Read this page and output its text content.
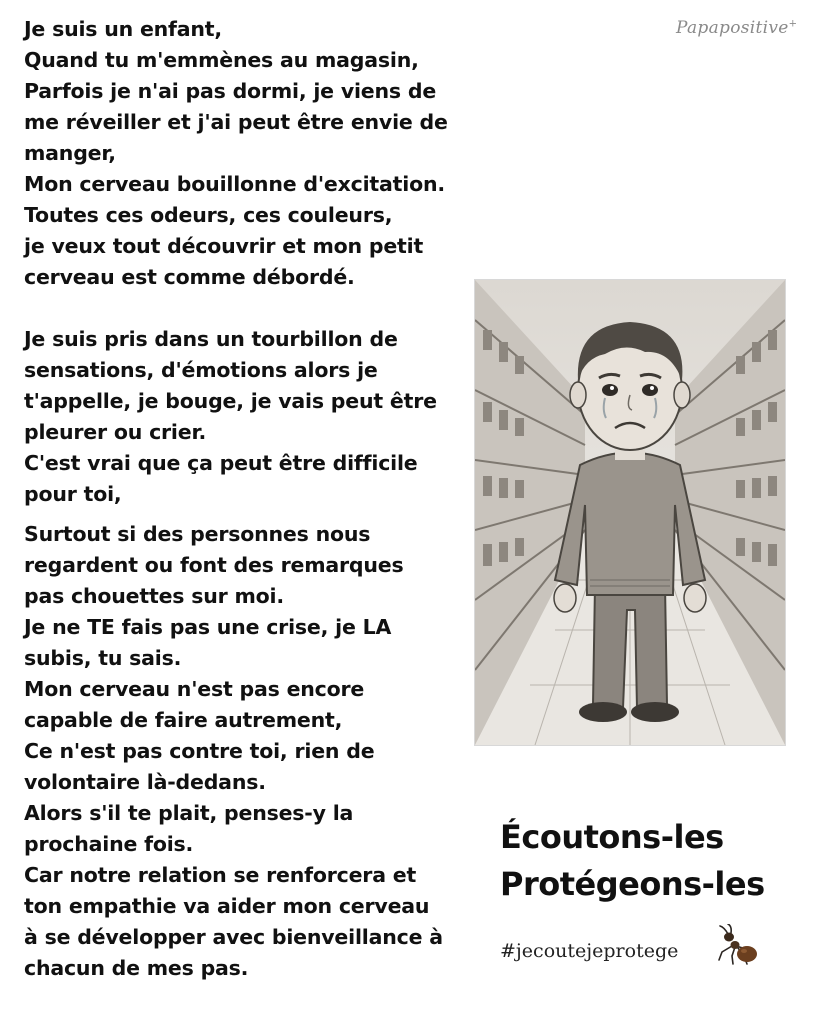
Je suis un enfant,

Quand tu m'emmènes au magasin,

Parfois je n'ai pas dormi, je viens de

me réveiller et j'ai peut être envie de

manger,

Mon cerveau bouillonne d'excitation.

Toutes ces odeurs, ces couleurs,

je veux tout découvrir et mon petit

cerveau est comme débordé.

Je suis pris dans un tourbillon de

sensations, d'émotions alors je

t'appelle, je bouge, je vais peut être

pleurer ou crier.

C'est vrai que ça peut être difficile

pour toi,

Surtout si des personnes nous

regardent ou font des remarques

pas chouettes sur moi.

Je ne TE fais pas une crise, je LA

subis, tu sais.

Mon cerveau n'est pas encore

capable de faire autrement,

Ce n'est pas contre toi, rien de

volontaire là-dedans.

Alors s'il te plait, penses-y la

prochaine fois.

Car notre relation se renforcera et

ton empathie va aider mon cerveau

à se développer avec bienveillance à

chacun de mes pas.

Papapositive+
Écoutons-les
Protégeons-les
#jecoutejeprotege
